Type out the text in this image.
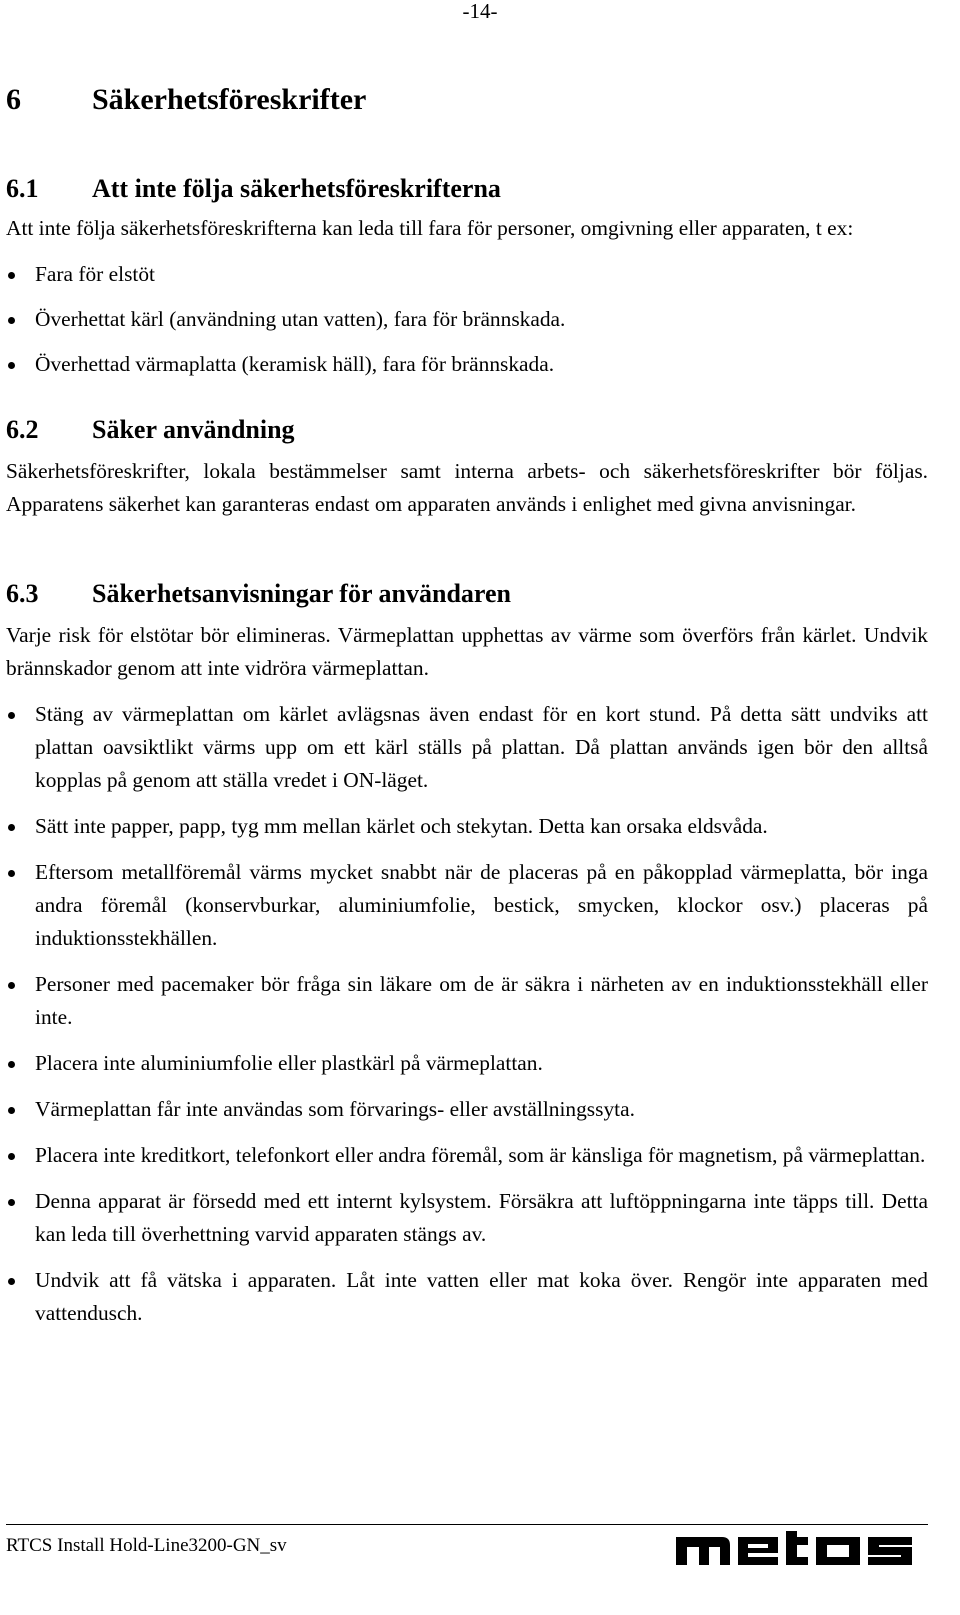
-14-
6	Säkerhetsföreskrifter
6.1	Att inte följa säkerhetsföreskrifterna

Att inte följa säkerhetsföreskrifterna kan leda till fara för personer, omgivning eller apparaten, t ex:

Fara för elstöt
Överhettat kärl (användning utan vatten), fara för brännskada.
Överhettad värmaplatta (keramisk häll), fara för brännskada.
6.2	Säker användning

Säkerhetsföreskrifter, lokala bestämmelser samt interna arbets- och säkerhetsföreskrifter bör följas. Apparatens säkerhet kan garanteras endast om apparaten används i enlighet med givna anvisningar.

6.3	Säkerhetsanvisningar för användaren

Varje risk för elstötar bör elimineras. Värmeplattan upphettas av värme som överförs från kärlet. Undvik brännskador genom att inte vidröra värmeplattan.

Stäng av värmeplattan om kärlet avlägsnas även endast för en kort stund. På detta sätt undviks att plattan oavsiktlikt värms upp om ett kärl ställs på plattan. Då plattan används igen bör den alltså kopplas på genom att ställa vredet i ON-läget.
Sätt inte papper, papp, tyg mm mellan kärlet och stekytan. Detta kan orsaka eldsvåda.
Eftersom metallföremål värms mycket snabbt när de placeras på en påkopplad värmeplatta, bör inga andra föremål (konservburkar, aluminiumfolie, bestick, smycken, klockor osv.) placeras på induktionsstekhällen.
Personer med pacemaker bör fråga sin läkare om de är säkra i närheten av en induktionsstekhäll eller inte.
Placera inte aluminiumfolie eller plastkärl på värmeplattan.
Värmeplattan får inte användas som förvarings- eller avställningssyta.
Placera inte kreditkort, telefonkort eller andra föremål, som är känsliga för magnetism, på värmeplattan.
Denna apparat är försedd med ett internt kylsystem. Försäkra att luftöppningarna inte täpps till. Detta kan leda till överhettning varvid apparaten stängs av.
Undvik att få vätska i apparaten. Låt inte vatten eller mat koka över. Rengör inte apparaten med vattendusch.
RTCS Install Hold-Line3200-GN_sv
